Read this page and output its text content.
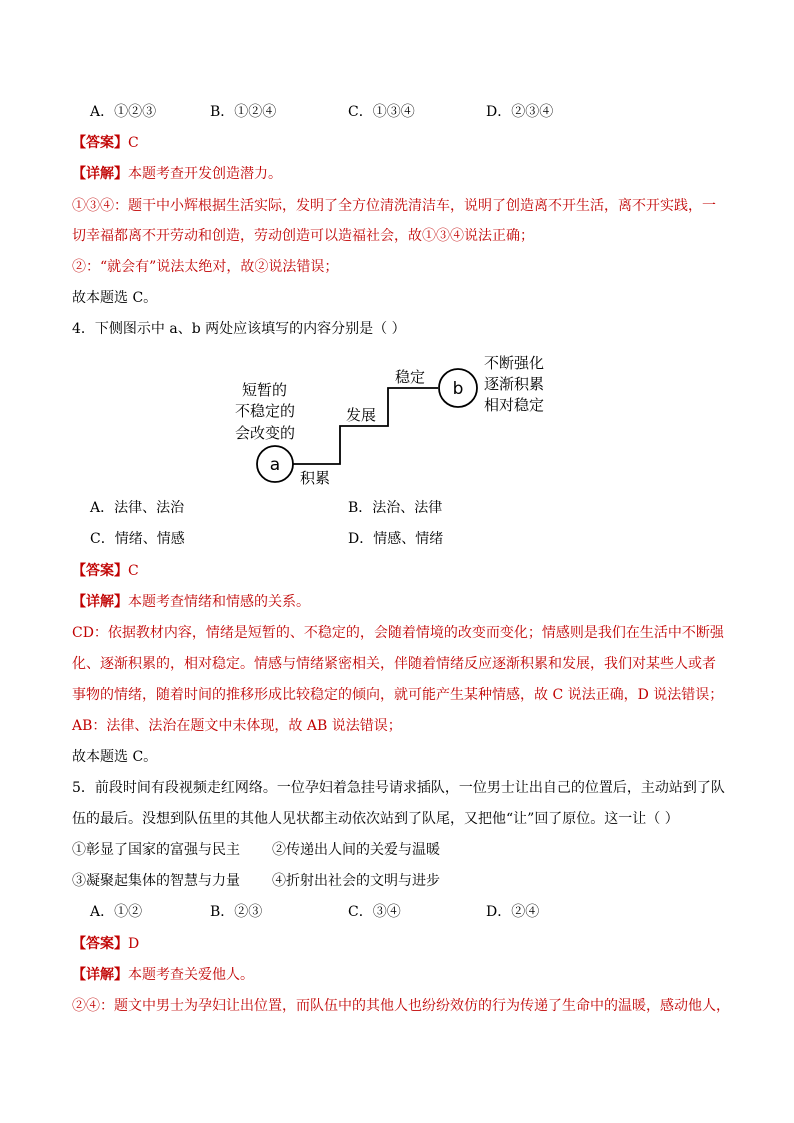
A．①②③	B．①②④	C．①③④	D．②③④
【答案】C
【详解】本题考查开发创造潜力。
①③④：题干中小辉根据生活实际，发明了全方位清洗清洁车，说明了创造离不开生活，离不开实践，一
切幸福都离不开劳动和创造，劳动创造可以造福社会，故①③④说法正确；
②：“就会有”说法太绝对，故②说法错误；
故本题选 C。
4．下侧图示中 a、b 两处应该填写的内容分别是（ ）
a
b
短暂的
不稳定的
会改变的
积累
发展
稳定
不断强化
逐渐积累
相对稳定
A．法律、法治	B．法治、法律
C．情绪、情感	D．情感、情绪
【答案】C
【详解】本题考查情绪和情感的关系。
CD：依据教材内容，情绪是短暂的、不稳定的，会随着情境的改变而变化；情感则是我们在生活中不断强
化、逐渐积累的，相对稳定。情感与情绪紧密相关，伴随着情绪反应逐渐积累和发展，我们对某些人或者
事物的情绪，随着时间的推移形成比较稳定的倾向，就可能产生某种情感，故 C 说法正确，D 说法错误；
AB：法律、法治在题文中未体现，故 AB 说法错误；
故本题选 C。
5．前段时间有段视频走红网络。一位孕妇着急挂号请求插队，一位男士让出自己的位置后，主动站到了队
伍的最后。没想到队伍里的其他人见状都主动依次站到了队尾，又把他“让”回了原位。这一让（ ）
①彰显了国家的富强与民主 ②传递出人间的关爱与温暖
③凝聚起集体的智慧与力量 ④折射出社会的文明与进步
A．①②	B．②③	C．③④	D．②④
【答案】D
【详解】本题考查关爱他人。
②④：题文中男士为孕妇让出位置，而队伍中的其他人也纷纷效仿的行为传递了生命中的温暖，感动他人，
